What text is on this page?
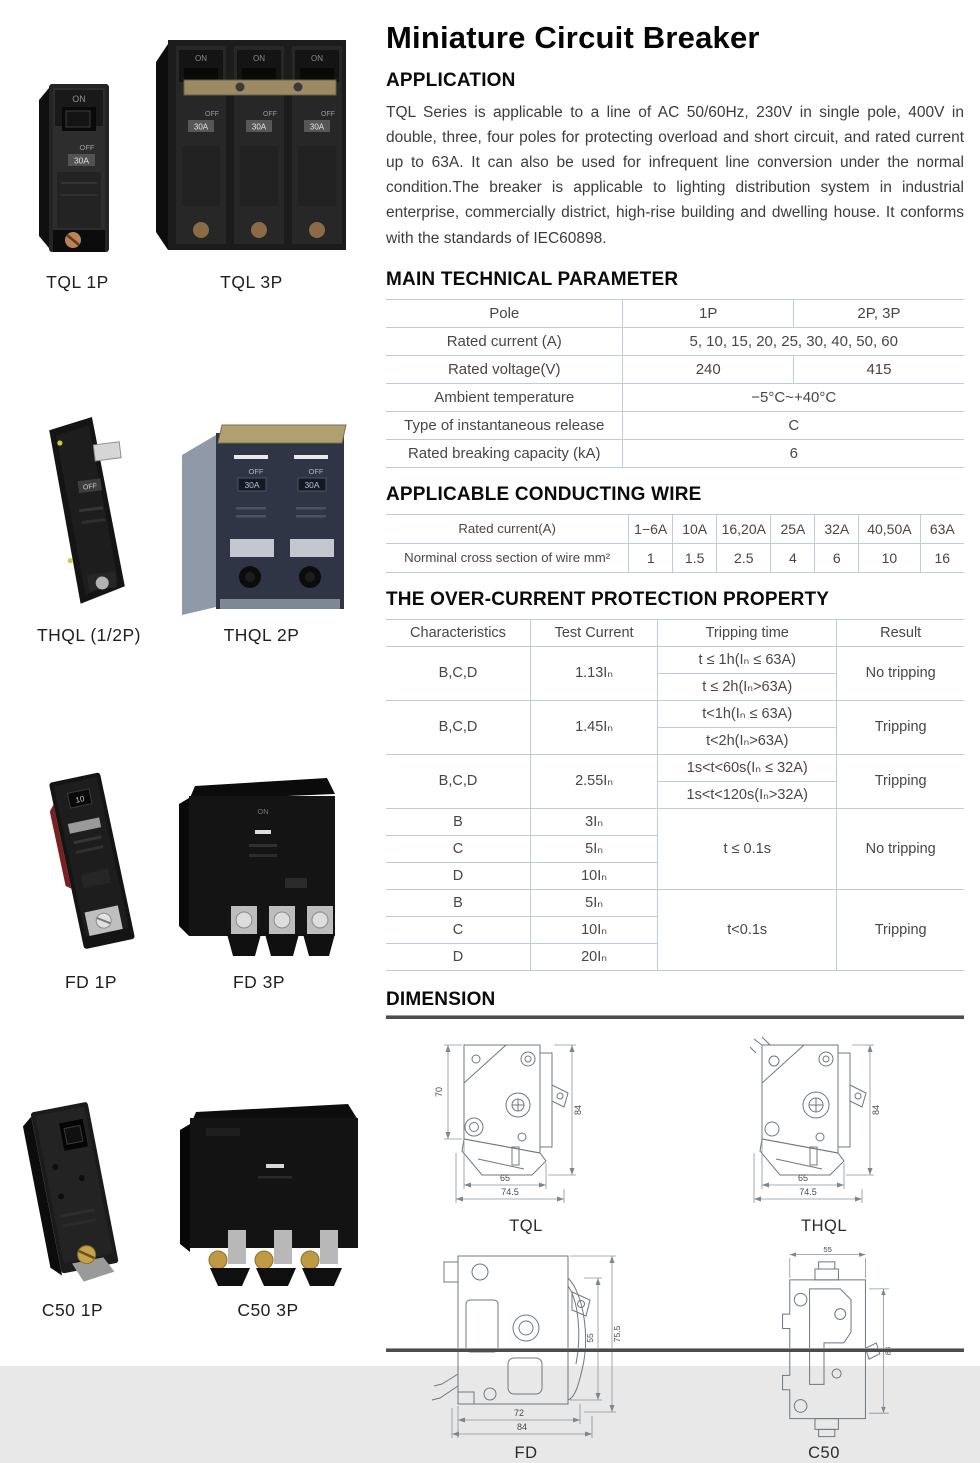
ON
OFF
30A
TQL 1P
ON
OFF
30A
ON
OFF
30A
ON
OFF
30A
TQL 3P
OFF
THQL (1/2P)
OFF
30A
OFF
30A
THQL 2P
10
FD 1P
ON
FD 3P
C50 1P	C50 3P
Miniature Circuit Breaker
APPLICATION

TQL Series is applicable to a line of AC 50/60Hz, 230V in single pole, 400V in double, three, four poles for protecting overload and short circuit, and rated current up to 63A. It can also be used for infrequent line conversion under the normal condition.The breaker is applicable to lighting distribution system in industrial enterprise, commercially district, high-rise building and dwelling house. It conforms with the standards of IEC60898.

MAIN TECHNICAL PARAMETER
Pole	1P	2P, 3P
Rated current (A)	5, 10, 15, 20, 25, 30, 40, 50, 60	
Rated voltage(V)	240	415
Ambient temperature	−5°C~+40°C	
Type of instantaneous release	C	
Rated breaking capacity (kA)	6	
APPLICABLE CONDUCTING WIRE
Rated current(A)	1−6A	10A	16,20A	25A	32A	40,50A	63A
Norminal cross section of wire mm²	1	1.5	2.5	4	6	10	16
THE OVER-CURRENT PROTECTION PROPERTY
Characteristics	Test Current	Tripping time	Result
B,C,D	1.13Iₙ	t ≤ 1h(Iₙ ≤ 63A)	No tripping
		t ≤ 2h(Iₙ>63A)	
B,C,D	1.45Iₙ	t<1h(Iₙ ≤ 63A)	Tripping
		t<2h(Iₙ>63A)	
B,C,D	2.55Iₙ	1s<t<60s(Iₙ ≤ 32A)	Tripping
		1s<t<120s(Iₙ>32A)	
B	3Iₙ	t ≤ 0.1s	No tripping
C	5Iₙ		
D	10Iₙ		
B	5Iₙ	t<0.1s	Tripping
C	10Iₙ		
D	20Iₙ		
DIMENSION
70
84
65
74.5
TQL
84
65
74.5
THQL
55 75.5
72
84
FD
55
C50
